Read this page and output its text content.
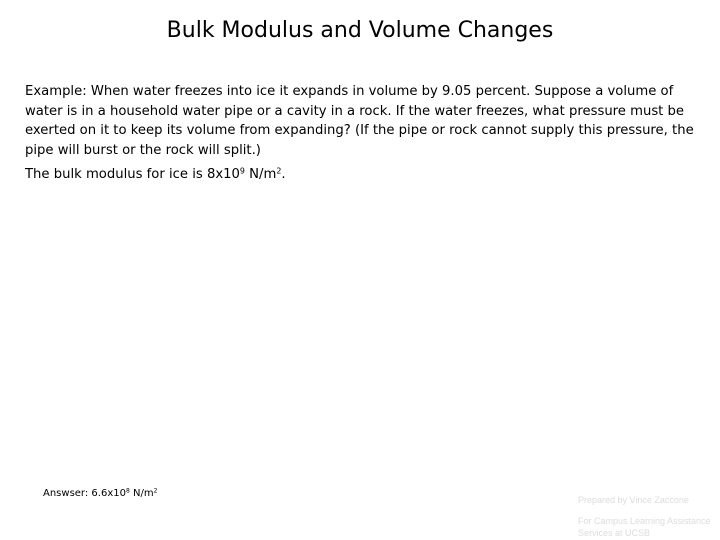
Bulk Modulus and Volume Changes
Example: When water freezes into ice it expands in volume by 9.05 percent. Suppose a volume of water is in a household water pipe or a cavity in a rock. If the water freezes, what pressure must be exerted on it to keep its volume from expanding? (If the pipe or rock cannot supply this pressure, the pipe will burst or the rock will split.)
The bulk modulus for ice is $8x10^9$ $N/m^2$.
Answser: $6.6x10^8$ $N/m^2$
Prepared by Vince Zaccone
For Campus Learning Assistance Services at UCSB
